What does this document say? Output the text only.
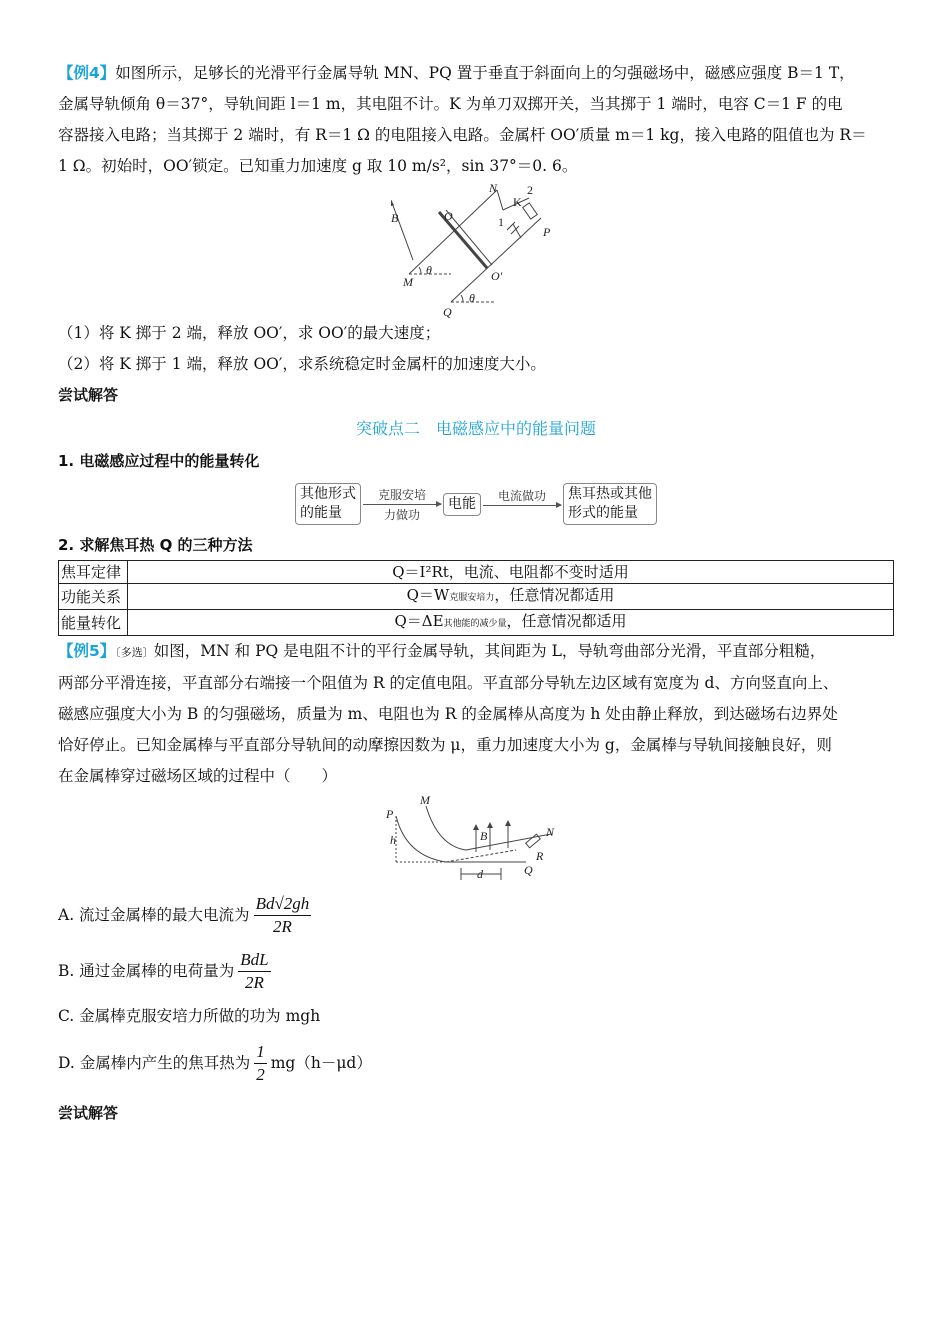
【例4】如图所示，足够长的光滑平行金属导轨 MN、PQ 置于垂直于斜面向上的匀强磁场中，磁感应强度 B＝1 T，

金属导轨倾角 θ＝37°，导轨间距 l＝1 m，其电阻不计。K 为单刀双掷开关，当其掷于 1 端时，电容 C＝1 F 的电

容器接入电路；当其掷于 2 端时，有 R＝1 Ω 的电阻接入电路。金属杆 OO′质量 m＝1 kg，接入电路的阻值也为 R＝

1 Ω。初始时，OO′锁定。已知重力加速度 g 取 10 m/s²，sin 37°＝0. 6。

N
K
2
O	1
B
P
M
θ	O′
Q
θ

（1）将 K 掷于 2 端，释放 OO′，求 OO′的最大速度；

（2）将 K 掷于 1 端，释放 OO′，求系统稳定时金属杆的加速度大小。

尝试解答

突破点二　电磁感应中的能量问题
1. 电磁感应过程中的能量转化
其他形式
的能量
克服安培
力做功
电能	电流做功 焦耳热或其他
形式的能量
2. 求解焦耳热 Q 的三种方法
焦耳定律	Q＝I²Rt，电流、电阻都不变时适用
功能关系	Q＝W克服安培力，任意情况都适用
能量转化	Q＝ΔE其他能的减少量，任意情况都适用

【例5】〔多选〕如图，MN 和 PQ 是电阻不计的平行金属导轨，其间距为 L，导轨弯曲部分光滑，平直部分粗糙，

两部分平滑连接，平直部分右端接一个阻值为 R 的定值电阻。平直部分导轨左边区域有宽度为 d、方向竖直向上、

磁感应强度大小为 B 的匀强磁场，质量为 m、电阻也为 R 的金属棒从高度为 h 处由静止释放，到达磁场右边界处

恰好停止。已知金属棒与平直部分导轨间的动摩擦因数为 μ，重力加速度大小为 g，金属棒与导轨间接触良好，则

在金属棒穿过磁场区域的过程中（　　）

P
M
h	B	N
R
d	Q
A. 流过金属棒的最大电流为 $\frac{Bd√2gh}{2R}$
B. 通过金属棒的电荷量为 $\frac{\text{BdL}}{2R}$
C. 金属棒克服安培力所做的功为 mgh
D. 金属棒内产生的焦耳热为 $\frac{1}{2} mg(h-\mu d)$

尝试解答
